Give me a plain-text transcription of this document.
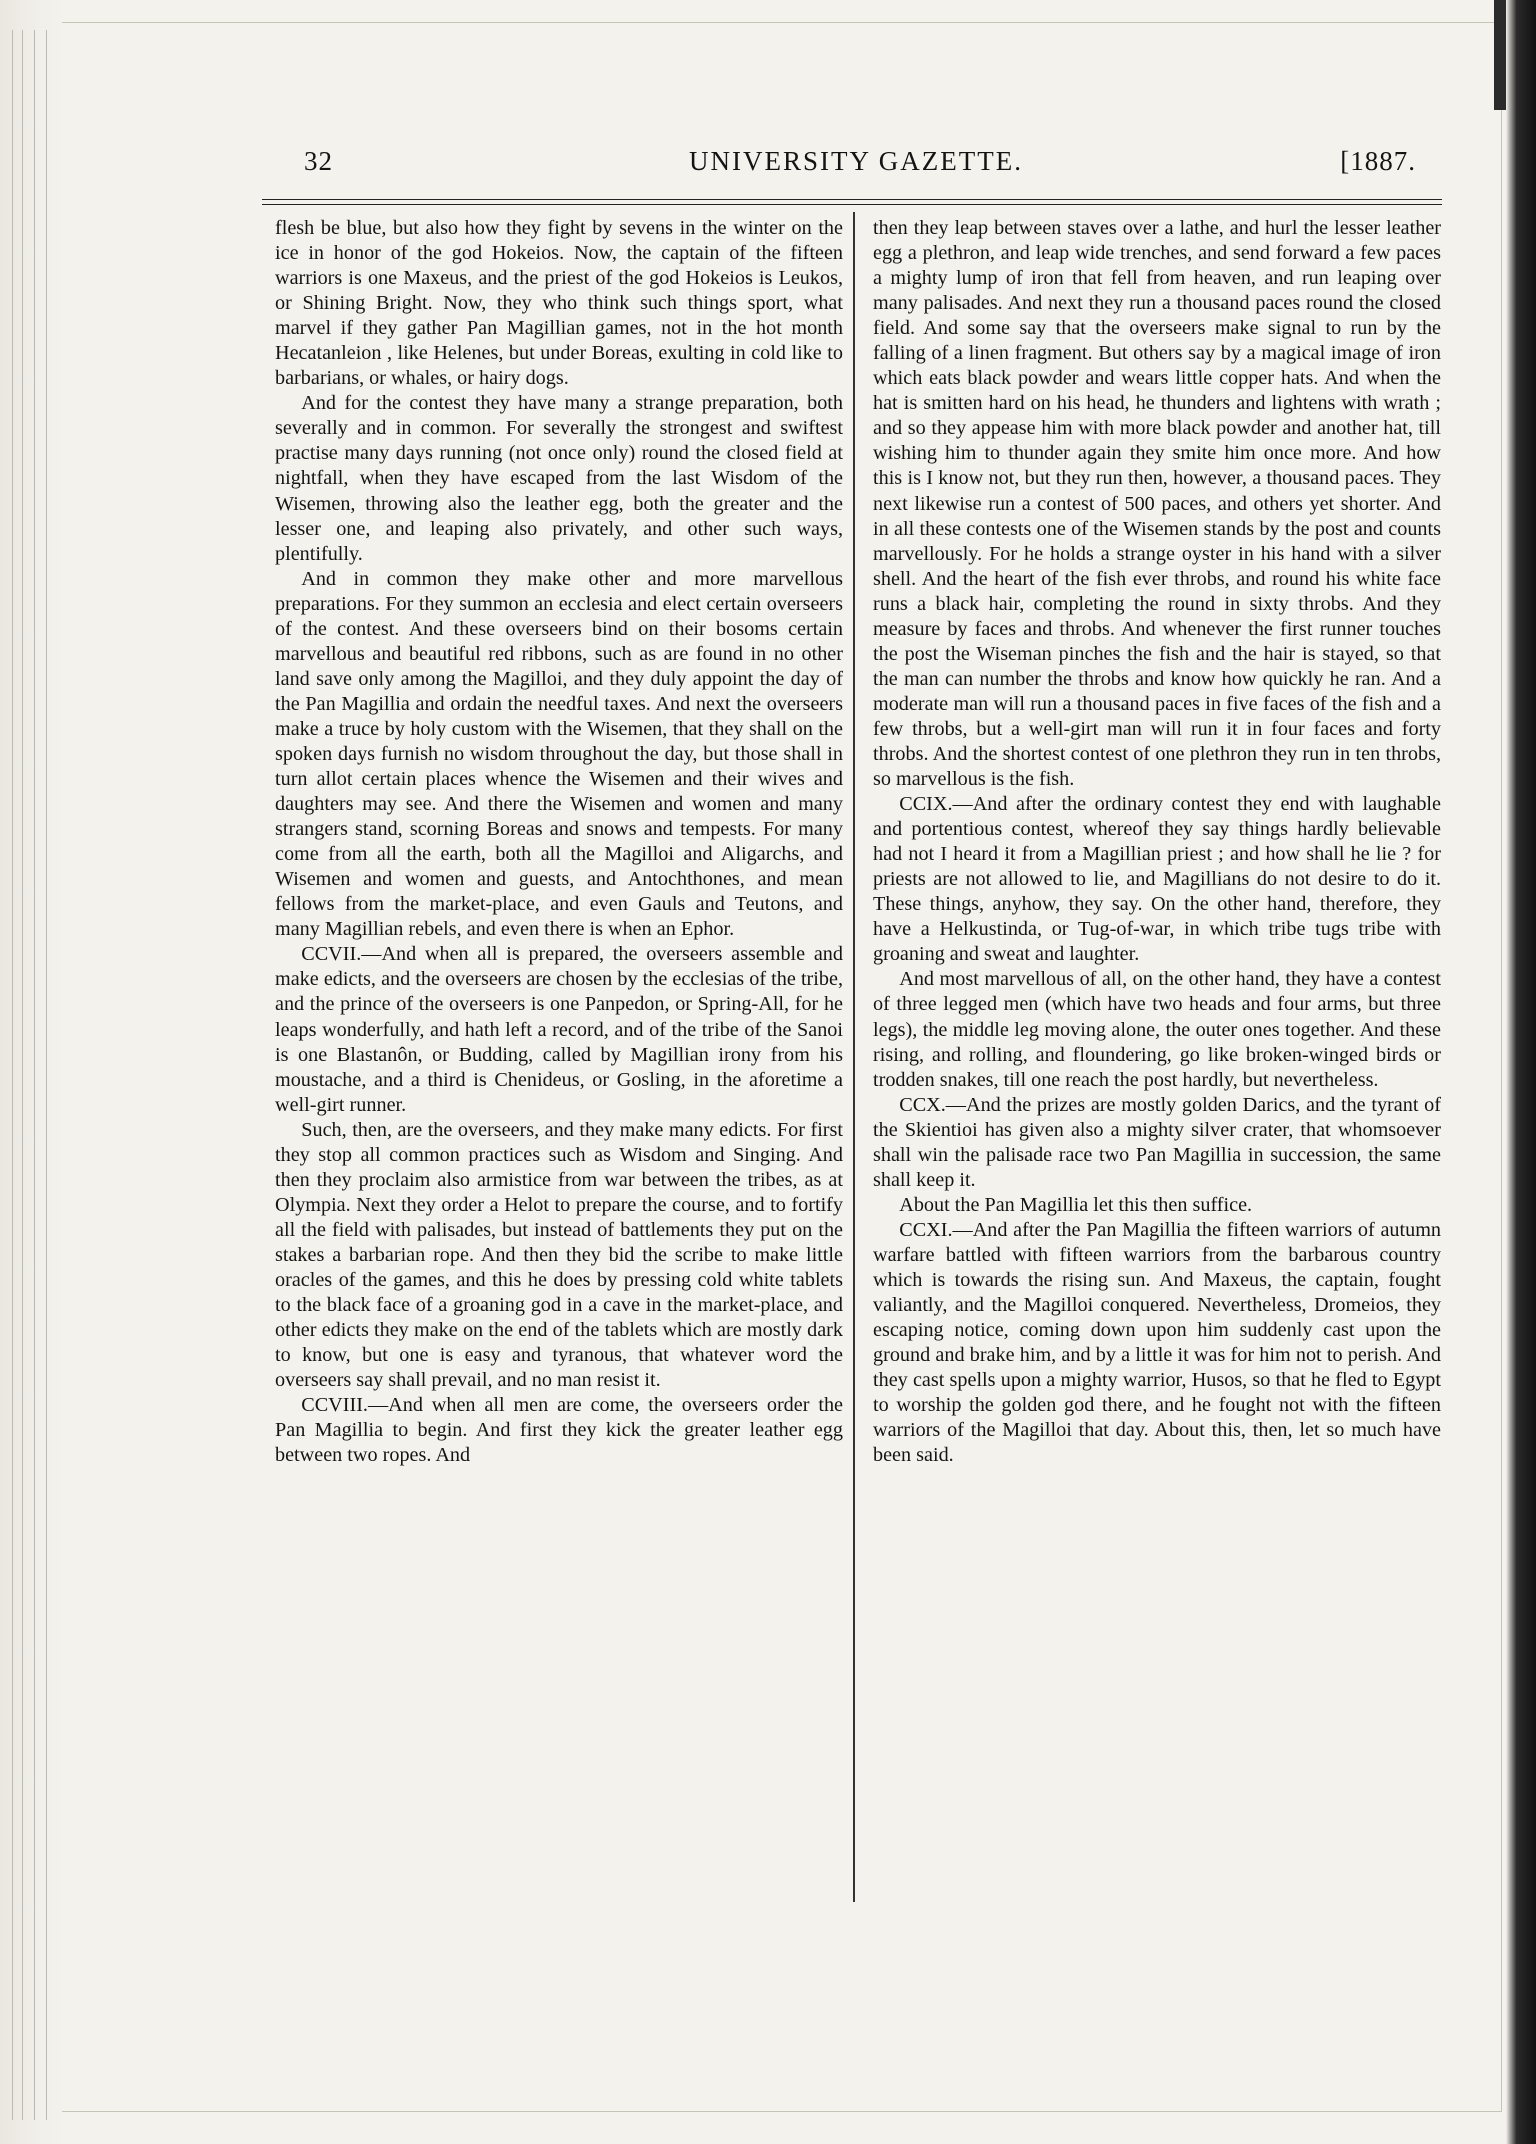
32	UNIVERSITY GAZETTE.	[1887.

flesh be blue, but also how they fight by sevens in the winter on the ice in honor of the god Hokeios. Now, the captain of the fifteen warriors is one Maxeus, and the priest of the god Hokeios is Leukos, or Shining Bright. Now, they who think such things sport, what marvel if they gather Pan Magillian games, not in the hot month Hecatanleion , like Helenes, but under Boreas, exulting in cold like to barbarians, or whales, or hairy dogs.

And for the contest they have many a strange preparation, both severally and in common. For severally the strongest and swiftest practise many days running (not once only) round the closed field at nightfall, when they have escaped from the last Wisdom of the Wisemen, throwing also the leather egg, both the greater and the lesser one, and leaping also privately, and other such ways, plentifully.

And in common they make other and more marvellous preparations. For they summon an ecclesia and elect certain overseers of the contest. And these overseers bind on their bosoms certain marvellous and beautiful red ribbons, such as are found in no other land save only among the Magilloi, and they duly appoint the day of the Pan Magillia and ordain the needful taxes. And next the overseers make a truce by holy custom with the Wisemen, that they shall on the spoken days furnish no wisdom throughout the day, but those shall in turn allot certain places whence the Wisemen and their wives and daughters may see. And there the Wisemen and women and many strangers stand, scorning Boreas and snows and tempests. For many come from all the earth, both all the Magilloi and Aligarchs, and Wisemen and women and guests, and Antochthones, and mean fellows from the market-place, and even Gauls and Teutons, and many Magillian rebels, and even there is when an Ephor.

CCVII.—And when all is prepared, the overseers assemble and make edicts, and the overseers are chosen by the ecclesias of the tribe, and the prince of the overseers is one Panpedon, or Spring-All, for he leaps wonderfully, and hath left a record, and of the tribe of the Sanoi is one Blastanôn, or Budding, called by Magillian irony from his moustache, and a third is Chenideus, or Gosling, in the aforetime a well-girt runner.

Such, then, are the overseers, and they make many edicts. For first they stop all common practices such as Wisdom and Singing. And then they proclaim also armistice from war between the tribes, as at Olympia. Next they order a Helot to prepare the course, and to fortify all the field with palisades, but instead of battlements they put on the stakes a barbarian rope. And then they bid the scribe to make little oracles of the games, and this he does by pressing cold white tablets to the black face of a groaning god in a cave in the market-place, and other edicts they make on the end of the tablets which are mostly dark to know, but one is easy and tyranous, that whatever word the overseers say shall prevail, and no man resist it.

CCVIII.—And when all men are come, the overseers order the Pan Magillia to begin. And first they kick the greater leather egg between two ropes. And

then they leap between staves over a lathe, and hurl the lesser leather egg a plethron, and leap wide trenches, and send forward a few paces a mighty lump of iron that fell from heaven, and run leaping over many palisades. And next they run a thousand paces round the closed field. And some say that the overseers make signal to run by the falling of a linen fragment. But others say by a magical image of iron which eats black powder and wears little copper hats. And when the hat is smitten hard on his head, he thunders and lightens with wrath ; and so they appease him with more black powder and another hat, till wishing him to thunder again they smite him once more. And how this is I know not, but they run then, however, a thousand paces. They next likewise run a contest of 500 paces, and others yet shorter. And in all these contests one of the Wisemen stands by the post and counts marvellously. For he holds a strange oyster in his hand with a silver shell. And the heart of the fish ever throbs, and round his white face runs a black hair, completing the round in sixty throbs. And they measure by faces and throbs. And whenever the first runner touches the post the Wiseman pinches the fish and the hair is stayed, so that the man can number the throbs and know how quickly he ran. And a moderate man will run a thousand paces in five faces of the fish and a few throbs, but a well-girt man will run it in four faces and forty throbs. And the shortest contest of one plethron they run in ten throbs, so marvellous is the fish.

CCIX.—And after the ordinary contest they end with laughable and portentious contest, whereof they say things hardly believable had not I heard it from a Magillian priest ; and how shall he lie ? for priests are not allowed to lie, and Magillians do not desire to do it. These things, anyhow, they say. On the other hand, therefore, they have a Helkustinda, or Tug-of-war, in which tribe tugs tribe with groaning and sweat and laughter.

And most marvellous of all, on the other hand, they have a contest of three legged men (which have two heads and four arms, but three legs), the middle leg moving alone, the outer ones together. And these rising, and rolling, and floundering, go like broken-winged birds or trodden snakes, till one reach the post hardly, but nevertheless.

CCX.—And the prizes are mostly golden Darics, and the tyrant of the Skientioi has given also a mighty silver crater, that whomsoever shall win the palisade race two Pan Magillia in succession, the same shall keep it.

About the Pan Magillia let this then suffice.

CCXI.—And after the Pan Magillia the fifteen warriors of autumn warfare battled with fifteen warriors from the barbarous country which is towards the rising sun. And Maxeus, the captain, fought valiantly, and the Magilloi conquered. Nevertheless, Dromeios, they escaping notice, coming down upon him suddenly cast upon the ground and brake him, and by a little it was for him not to perish. And they cast spells upon a mighty warrior, Husos, so that he fled to Egypt to worship the golden god there, and he fought not with the fifteen warriors of the Magilloi that day. About this, then, let so much have been said.
